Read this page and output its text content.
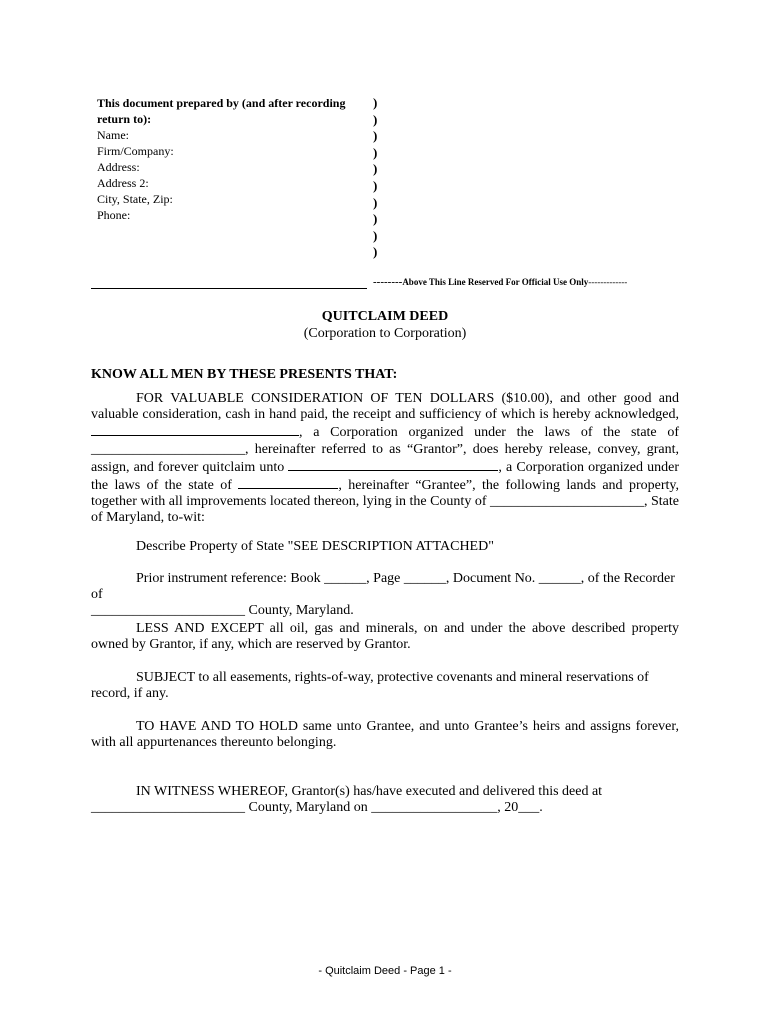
This document prepared by (and after recording
return to):
Name:
Firm/Company:
Address:
Address 2:
City, State, Zip:
Phone:
)
)
)
)
)
)
)
)
)
)
--------Above This Line Reserved For Official Use Only-------------
QUITCLAIM DEED
(Corporation to Corporation)
KNOW ALL MEN BY THESE PRESENTS THAT:
FOR VALUABLE CONSIDERATION OF TEN DOLLARS ($10.00), and other good and valuable consideration, cash in hand paid, the receipt and sufficiency of which is hereby acknowledged, , a Corporation organized under the laws of the state of ______________________, hereinafter referred to as “Grantor”, does hereby release, convey, grant, assign, and forever quitclaim unto	, a Corporation organized under the laws of the state of	, hereinafter “Grantee”, the following lands and property, together with all improvements located thereon, lying in the County of ______________________, State of Maryland, to-wit:
Describe Property of State "SEE DESCRIPTION ATTACHED"
Prior instrument reference: Book ______, Page ______, Document No. ______, of the Recorder of
______________________ County, Maryland.
LESS AND EXCEPT all oil, gas and minerals, on and under the above described property owned by Grantor, if any, which are reserved by Grantor.
SUBJECT to all easements, rights-of-way, protective covenants and mineral reservations of record, if any.
TO HAVE AND TO HOLD same unto Grantee, and unto Grantee’s heirs and assigns forever, with all appurtenances thereunto belonging.
IN WITNESS WHEREOF, Grantor(s) has/have executed and delivered this deed at
______________________ County, Maryland on __________________, 20___.
- Quitclaim Deed - Page 1 -
